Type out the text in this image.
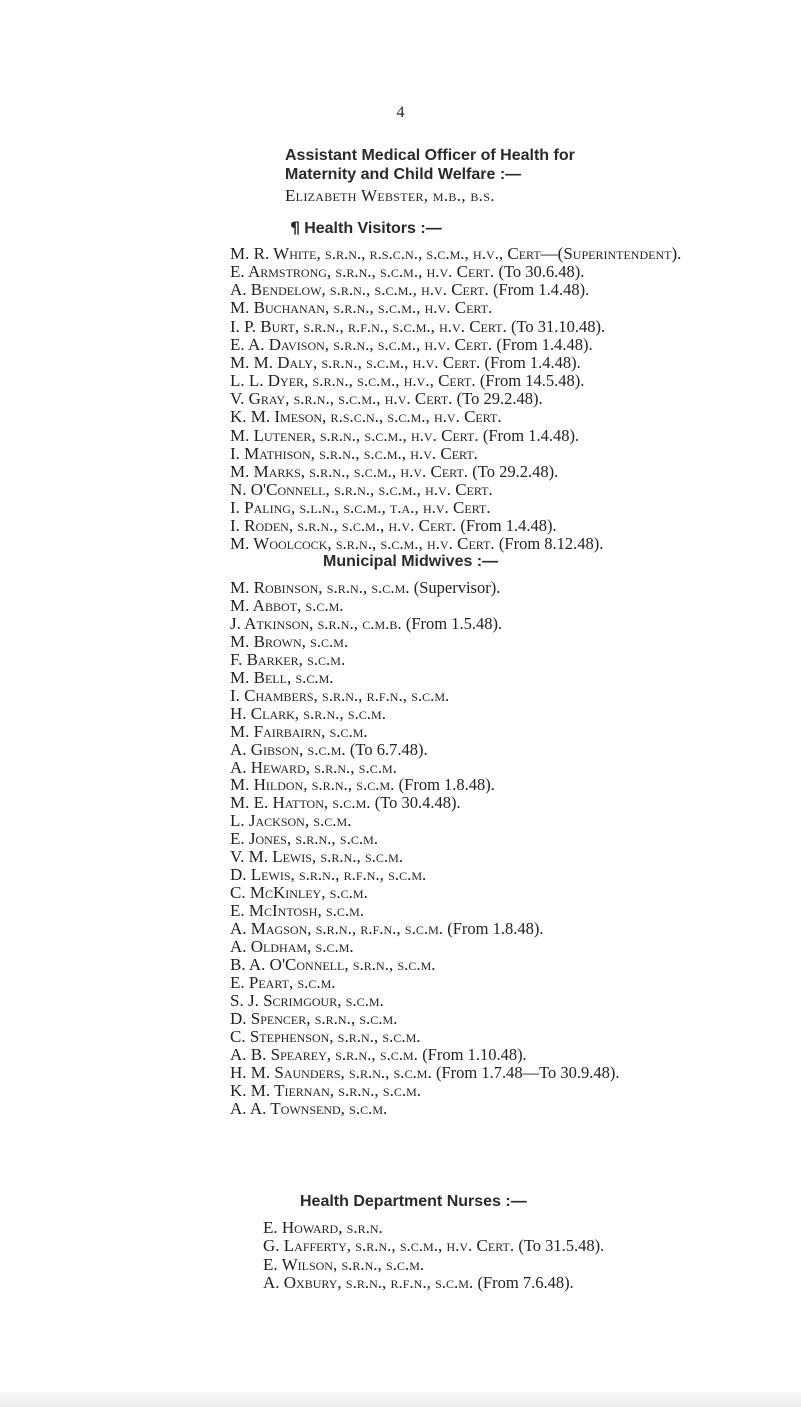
4
Assistant Medical Officer of Health for
Maternity and Child Welfare :—
Elizabeth Webster, m.b., b.s.
¶ Health Visitors :—
M. R. White, s.r.n., r.s.c.n., s.c.m., h.v., Cert—(Superintendent).
E. Armstrong, s.r.n., s.c.m., h.v. Cert. (To 30.6.48).
A. Bendelow, s.r.n., s.c.m., h.v. Cert. (From 1.4.48).
M. Buchanan, s.r.n., s.c.m., h.v. Cert.
I. P. Burt, s.r.n., r.f.n., s.c.m., h.v. Cert. (To 31.10.48).
E. A. Davison, s.r.n., s.c.m., h.v. Cert. (From 1.4.48).
M. M. Daly, s.r.n., s.c.m., h.v. Cert. (From 1.4.48).
L. L. Dyer, s.r.n., s.c.m., h.v., Cert. (From 14.5.48).
V. Gray, s.r.n., s.c.m., h.v. Cert. (To 29.2.48).
K. M. Imeson, r.s.c.n., s.c.m., h.v. Cert.
M. Lutener, s.r.n., s.c.m., h.v. Cert. (From 1.4.48).
I. Mathison, s.r.n., s.c.m., h.v. Cert.
M. Marks, s.r.n., s.c.m., h.v. Cert. (To 29.2.48).
N. O'Connell, s.r.n., s.c.m., h.v. Cert.
I. Paling, s.l.n., s.c.m., t.a., h.v. Cert.
I. Roden, s.r.n., s.c.m., h.v. Cert. (From 1.4.48).
M. Woolcock, s.r.n., s.c.m., h.v. Cert. (From 8.12.48).
Municipal Midwives :—
M. Robinson, s.r.n., s.c.m. (Supervisor).
M. Abbot, s.c.m.
J. Atkinson, s.r.n., c.m.b. (From 1.5.48).
M. Brown, s.c.m.
F. Barker, s.c.m.
M. Bell, s.c.m.
I. Chambers, s.r.n., r.f.n., s.c.m.
H. Clark, s.r.n., s.c.m.
M. Fairbairn, s.c.m.
A. Gibson, s.c.m. (To 6.7.48).
A. Heward, s.r.n., s.c.m.
M. Hildon, s.r.n., s.c.m. (From 1.8.48).
M. E. Hatton, s.c.m. (To 30.4.48).
L. Jackson, s.c.m.
E. Jones, s.r.n., s.c.m.
V. M. Lewis, s.r.n., s.c.m.
D. Lewis, s.r.n., r.f.n., s.c.m.
C. McKinley, s.c.m.
E. McIntosh, s.c.m.
A. Magson, s.r.n., r.f.n., s.c.m. (From 1.8.48).
A. Oldham, s.c.m.
B. A. O'Connell, s.r.n., s.c.m.
E. Peart, s.c.m.
S. J. Scrimgour, s.c.m.
D. Spencer, s.r.n., s.c.m.
C. Stephenson, s.r.n., s.c.m.
A. B. Spearey, s.r.n., s.c.m. (From 1.10.48).
H. M. Saunders, s.r.n., s.c.m. (From 1.7.48—To 30.9.48).
K. M. Tiernan, s.r.n., s.c.m.
A. A. Townsend, s.c.m.
Health Department Nurses :—
E. Howard, s.r.n.
G. Lafferty, s.r.n., s.c.m., h.v. Cert. (To 31.5.48).
E. Wilson, s.r.n., s.c.m.
A. Oxbury, s.r.n., r.f.n., s.c.m. (From 7.6.48).
